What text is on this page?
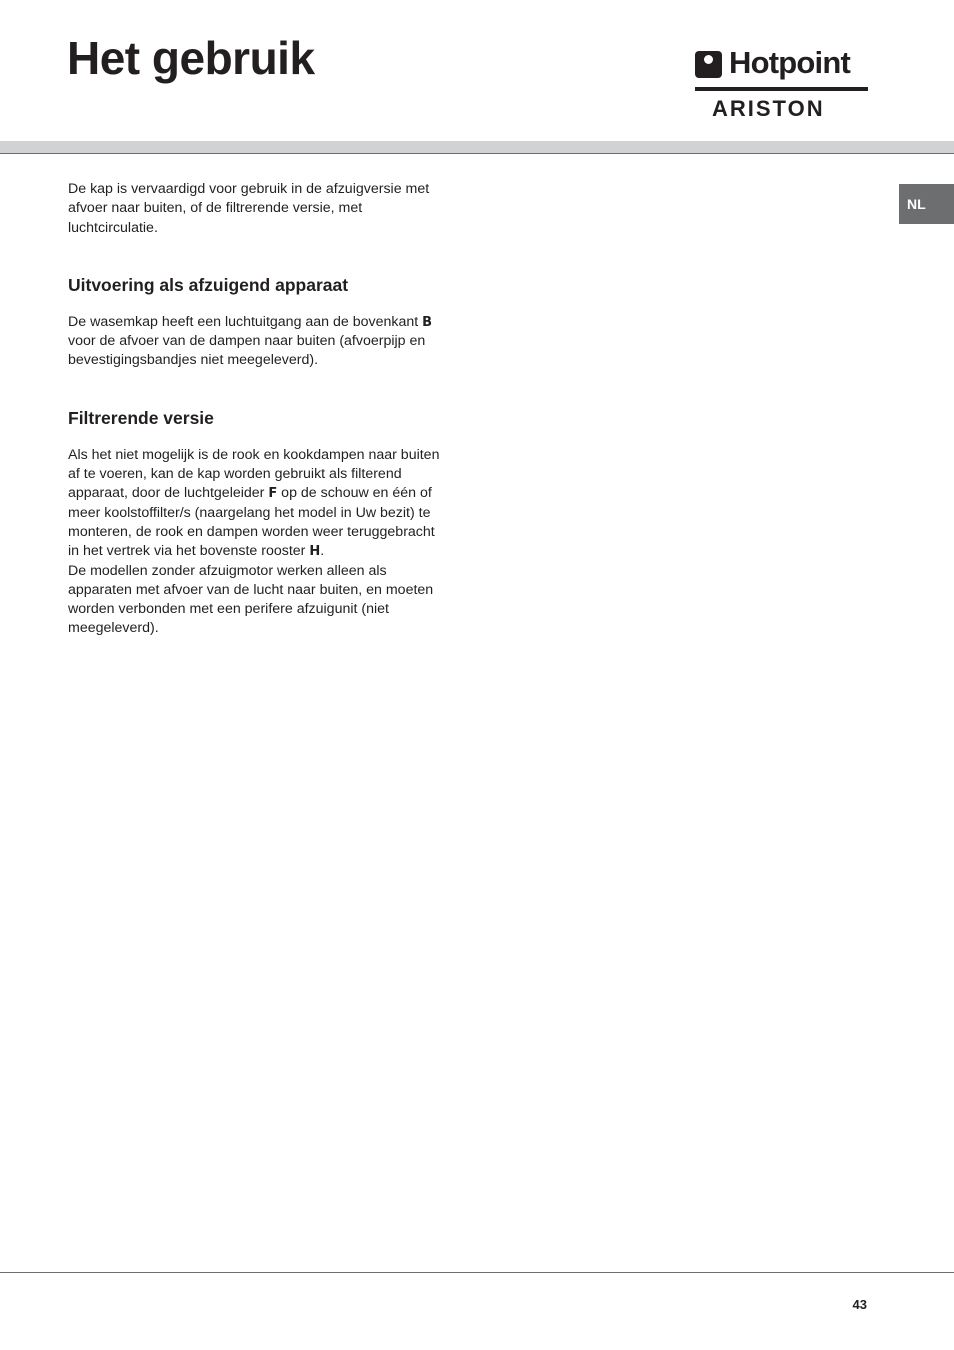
Het gebruik	Hotpoint
ARISTON
NL

De kap is vervaardigd voor gebruik in de afzuigversie met afvoer naar buiten, of de filtrerende versie, met luchtcirculatie.

Uitvoering als afzuigend apparaat

De wasemkap heeft een luchtuitgang aan de bovenkant B voor de afvoer van de dampen naar buiten (afvoerpijp en bevestigingsbandjes niet meegeleverd).

Filtrerende versie

Als het niet mogelijk is de rook en kookdampen naar buiten af te voeren, kan de kap worden gebruikt als filterend apparaat, door de luchtgeleider F op de schouw en één of meer koolstoffilter/s (naargelang het model in Uw bezit) te monteren, de rook en dampen worden weer teruggebracht in het vertrek via het bovenste rooster H.

De modellen zonder afzuigmotor werken alleen als apparaten met afvoer van de lucht naar buiten, en moeten worden verbonden met een perifere afzuigunit (niet meegeleverd).

43
